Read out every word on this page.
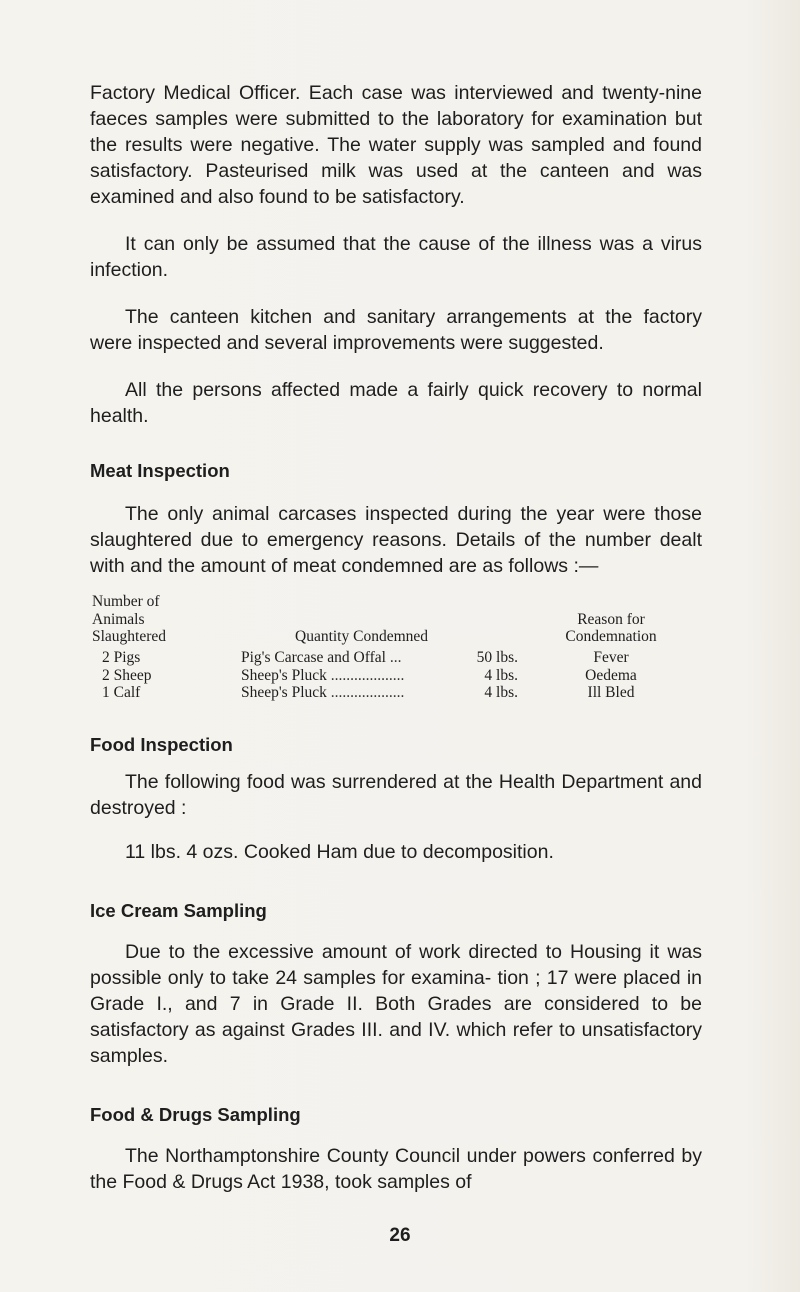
Factory Medical Officer. Each case was interviewed and twenty-nine faeces samples were submitted to the laboratory for examination but the results were negative. The water supply was sampled and found satisfactory. Pasteurised milk was used at the canteen and was examined and also found to be satisfactory.

It can only be assumed that the cause of the illness was a virus infection.

The canteen kitchen and sanitary arrangements at the factory were inspected and several improvements were suggested.

All the persons affected made a fairly quick recovery to normal health.

Meat Inspection

The only animal carcases inspected during the year were those slaughtered due to emergency reasons. Details of the number dealt with and the amount of meat condemned are as follows :—

Number of
Animals
Slaughtered	Quantity Condemned
Reason for
Condemnation
2 Pigs	Pig's Carcase and Offal ...	50 lbs.	Fever
2 Sheep	Sheep's Pluck ...................	4 lbs.	Oedema
1 Calf	Sheep's Pluck ...................	4 lbs.	Ill Bled
Food Inspection

The following food was surrendered at the Health Department and destroyed :

11 lbs. 4 ozs. Cooked Ham due to decomposition.

Ice Cream Sampling

Due to the excessive amount of work directed to Housing it was possible only to take 24 samples for examina- tion ; 17 were placed in Grade I., and 7 in Grade II. Both Grades are considered to be satisfactory as against Grades III. and IV. which refer to unsatisfactory samples.

Food & Drugs Sampling

The Northamptonshire County Council under powers conferred by the Food & Drugs Act 1938, took samples of

26
